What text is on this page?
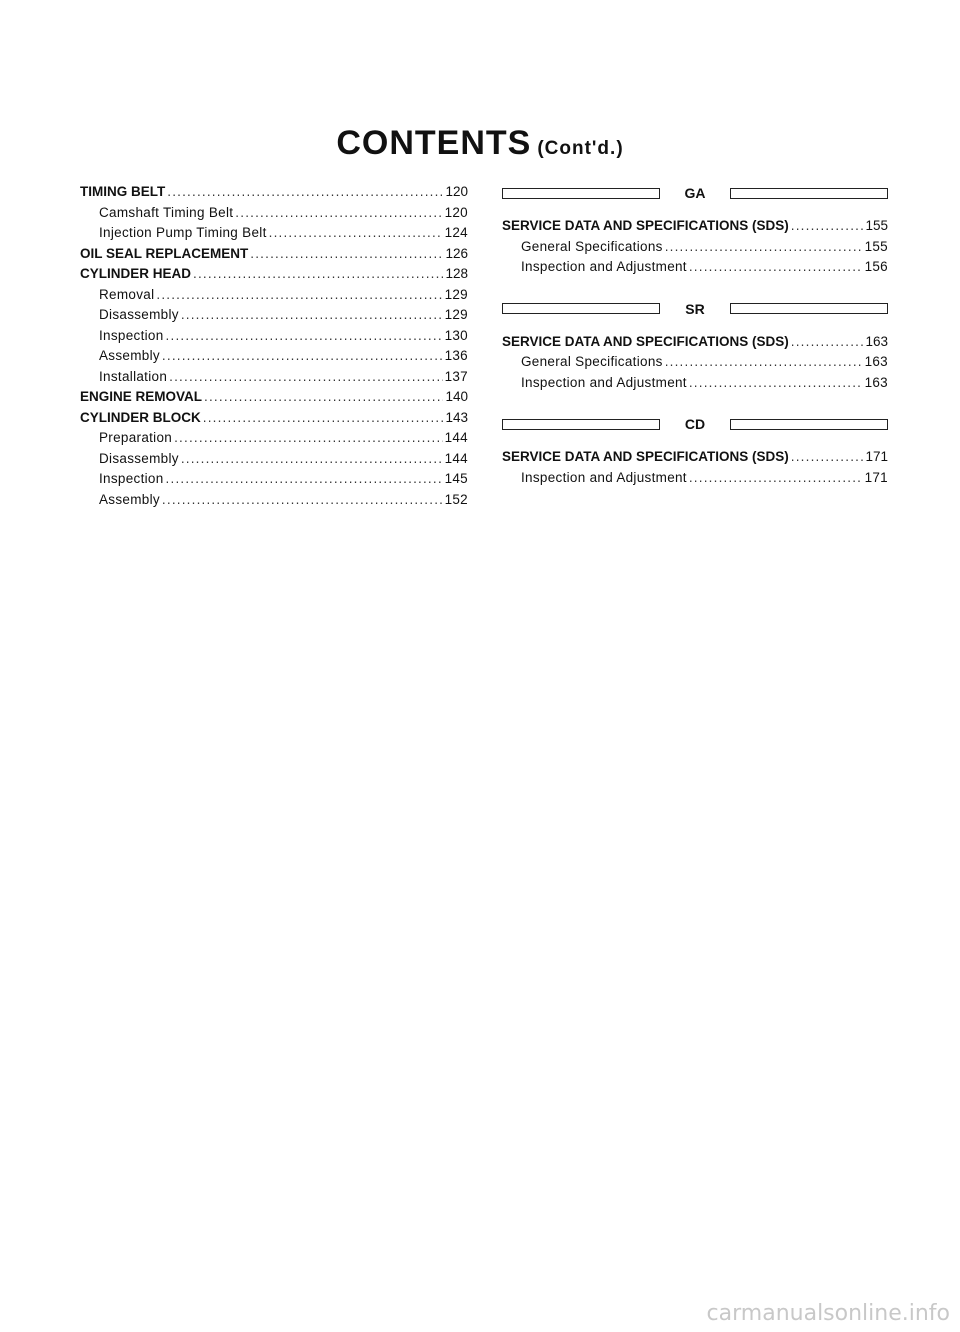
CONTENTS (Cont'd.)
TIMING BELT .....	120
Camshaft Timing Belt .....	120
Injection Pump Timing Belt .....	124
OIL SEAL REPLACEMENT .....	126
CYLINDER HEAD .....	128
Removal .....	129
Disassembly .....	129
Inspection .....	130
Assembly .....	136
Installation .....	137
ENGINE REMOVAL .....	140
CYLINDER BLOCK .....	143
Preparation .....	144
Disassembly .....	144
Inspection .....	145
Assembly .....	152
GA
SERVICE DATA AND SPECIFICATIONS (SDS) .....	155
General Specifications .....	155
Inspection and Adjustment .....	156
SR
SERVICE DATA AND SPECIFICATIONS (SDS) .....	163
General Specifications .....	163
Inspection and Adjustment .....	163
CD
SERVICE DATA AND SPECIFICATIONS (SDS) .....	171
Inspection and Adjustment .....	171
carmanualsonline.info
